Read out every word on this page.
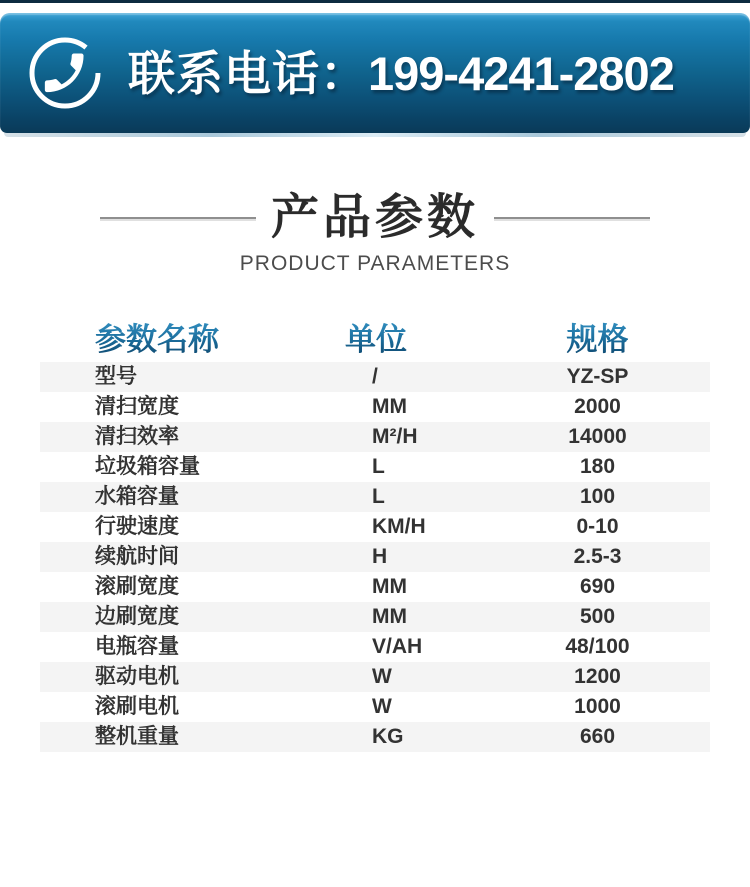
联系电话：199-4241-2802
产品参数
PRODUCT PARAMETERS
参数名称	单位	规格
型号	/	YZ-SP
清扫宽度	MM	2000
清扫效率	M²/H	14000
垃圾箱容量	L	180
水箱容量	L	100
行驶速度	KM/H	0-10
续航时间	H	2.5-3
滚刷宽度	MM	690
边刷宽度	MM	500
电瓶容量	V/AH	48/100
驱动电机	W	1200
滚刷电机	W	1000
整机重量	KG	660
